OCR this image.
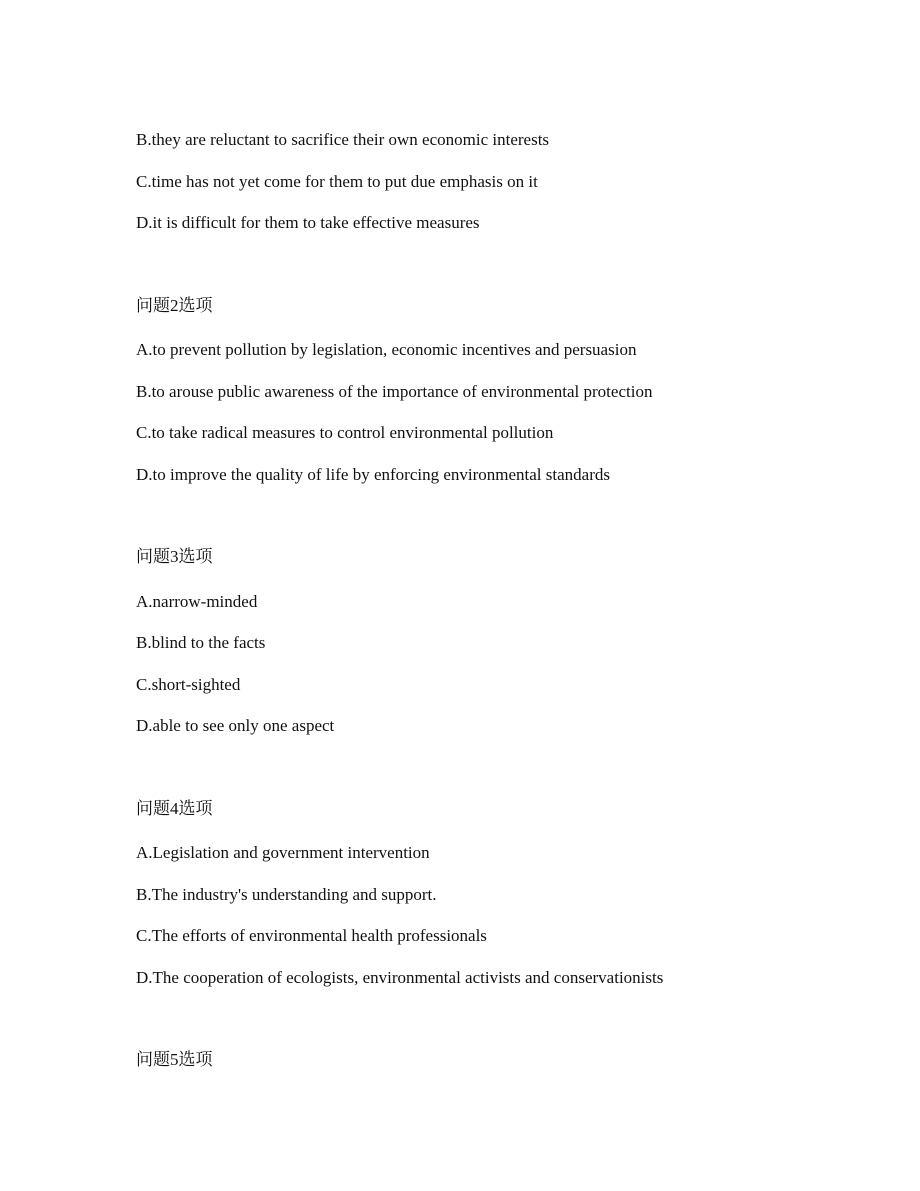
B.they are reluctant to sacrifice their own economic interests
C.time has not yet come for them to put due emphasis on it
D.it is difficult for them to take effective measures
问题2选项
A.to prevent pollution by legislation, economic incentives and persuasion
B.to arouse public awareness of the importance of environmental protection
C.to take radical measures to control environmental pollution
D.to improve the quality of life by enforcing environmental standards
问题3选项
A.narrow-minded
B.blind to the facts
C.short-sighted
D.able to see only one aspect
问题4选项
A.Legislation and government intervention
B.The industry's understanding and support.
C.The efforts of environmental health professionals
D.The cooperation of ecologists, environmental activists and conservationists
问题5选项
